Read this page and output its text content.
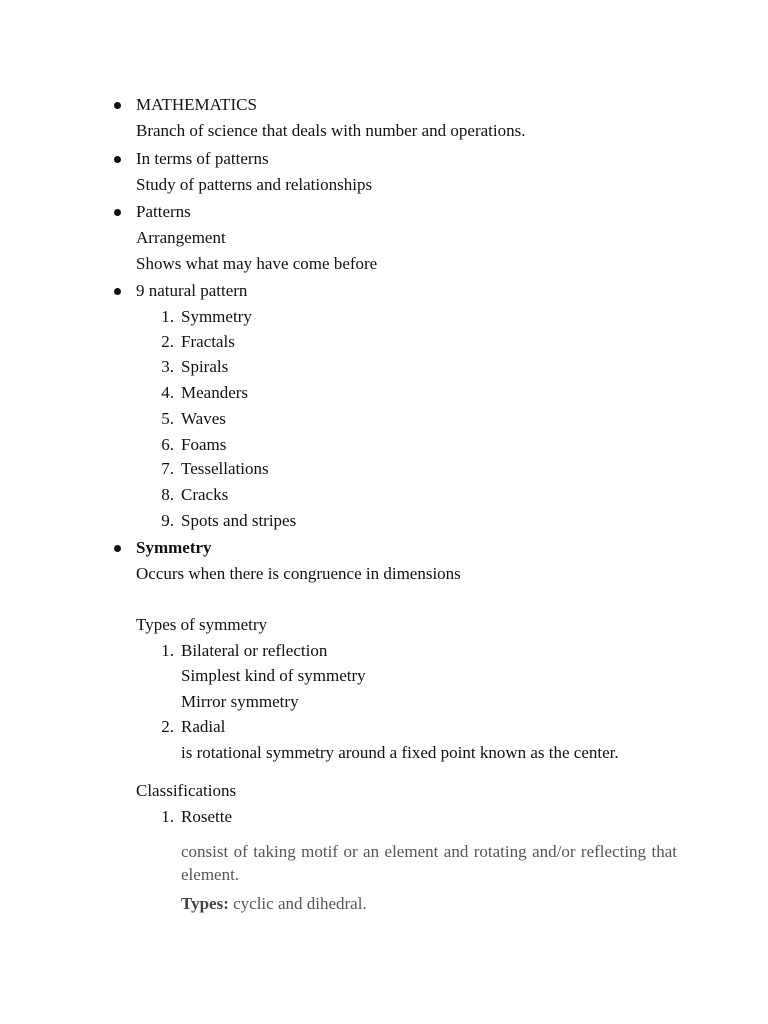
MATHEMATICS
Branch of science that deals with number and operations.
In terms of patterns
Study of patterns and relationships
Patterns
Arrangement
Shows what may have come before
9 natural pattern
1. Symmetry
2. Fractals
3. Spirals
4. Meanders
5. Waves
6. Foams
7. Tessellations
8. Cracks
9. Spots and stripes
Symmetry
Occurs when there is congruence in dimensions
Types of symmetry
1. Bilateral or reflection
Simplest kind of symmetry
Mirror symmetry
2. Radial
is rotational symmetry around a fixed point known as the center.
Classifications
1. Rosette
consist of taking motif or an element and rotating and/or reflecting that element.
Types: cyclic and dihedral.
